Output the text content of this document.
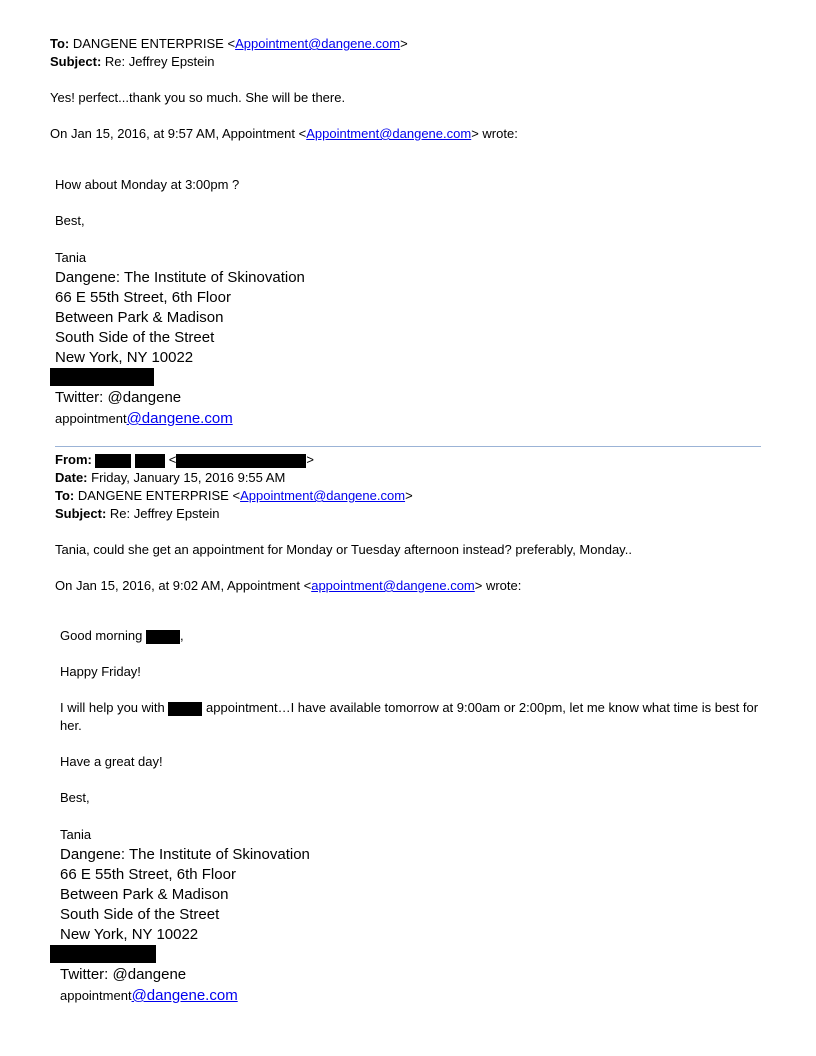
To: DANGENE ENTERPRISE <Appointment@dangene.com>
Subject: Re: Jeffrey Epstein
Yes! perfect...thank you so much. She will be there.
On Jan 15, 2016, at 9:57 AM, Appointment <Appointment@dangene.com> wrote:
How about Monday at 3:00pm ?
Best,
Tania
Dangene: The Institute of Skinovation
66 E 55th Street, 6th Floor
Between Park & Madison
South Side of the Street
New York, NY 10022
Twitter: @dangene
appointment@dangene.com
From:	<	>
Date: Friday, January 15, 2016 9:55 AM
To: DANGENE ENTERPRISE <Appointment@dangene.com>
Subject: Re: Jeffrey Epstein
Tania, could she get an appointment for Monday or Tuesday afternoon instead? preferably, Monday..
On Jan 15, 2016, at 9:02 AM, Appointment <appointment@dangene.com> wrote:
Good morning	,
Happy Friday!
I will help you with	appointment…I have available tomorrow at 9:00am or 2:00pm, let me know what time is best for her.
Have a great day!
Best,
Tania
Dangene: The Institute of Skinovation
66 E 55th Street, 6th Floor
Between Park & Madison
South Side of the Street
New York, NY 10022
Twitter: @dangene
appointment@dangene.com
